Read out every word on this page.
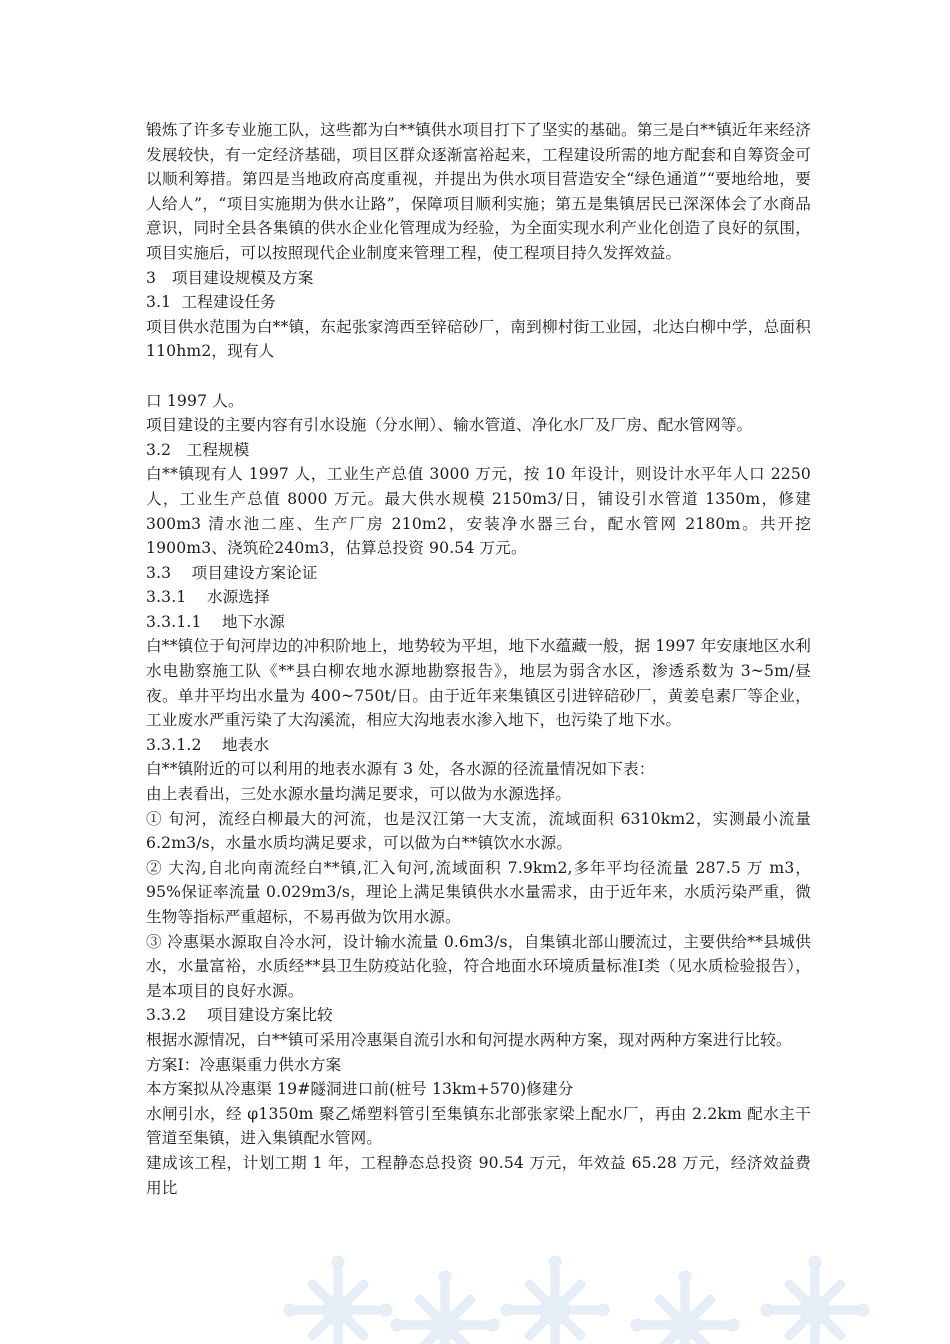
锻炼了许多专业施工队，这些都为白**镇供水项目打下了坚实的基础。第三是白**镇近年来经济发展较快，有一定经济基础，项目区群众逐渐富裕起来，工程建设所需的地方配套和自筹资金可以顺利筹措。第四是当地政府高度重视，并提出为供水项目营造安全“绿色通道”“要地给地，要人给人”，“项目实施期为供水让路”，保障项目顺利实施；第五是集镇居民已深深体会了水商品意识，同时全县各集镇的供水企业化管理成为经验，为全面实现水利产业化创造了良好的氛围，项目实施后，可以按照现代企业制度来管理工程，使工程项目持久发挥效益。

3　项目建设规模及方案

3.1  工程建设任务

项目供水范围为白**镇，东起张家湾西至锌碚砂厂，南到柳村街工业园，北达白柳中学，总面积 110hm2，现有人

口 1997 人。

项目建设的主要内容有引水设施（分水闸）、输水管道、净化水厂及厂房、配水管网等。

3.2   工程规模

白**镇现有人 1997 人，工业生产总值 3000 万元，按 10 年设计，则设计水平年人口 2250 人，工业生产总值 8000 万元。最大供水规模 2150m3/日，铺设引水管道 1350m，修建 300m3 清水池二座、生产厂房 210m2，安装净水器三台，配水管网 2180m。共开挖 1900m3、浇筑砼240m3，估算总投资 90.54 万元。

3.3    项目建设方案论证

3.3.1    水源选择

3.3.1.1    地下水源

白**镇位于旬河岸边的冲积阶地上，地势较为平坦，地下水蕴藏一般，据 1997 年安康地区水利水电勘察施工队《**县白柳农地水源地勘察报告》，地层为弱含水区，渗透系数为 3~5m/昼夜。单井平均出水量为 400~750t/日。由于近年来集镇区引进锌碚砂厂，黄姜皂素厂等企业，工业废水严重污染了大沟溪流，相应大沟地表水渗入地下，也污染了地下水。

3.3.1.2    地表水

白**镇附近的可以利用的地表水源有 3 处，各水源的径流量情况如下表：

由上表看出，三处水源水量均满足要求，可以做为水源选择。

① 旬河，流经白柳最大的河流，也是汉江第一大支流，流域面积 6310km2，实测最小流量6.2m3/s，水量水质均满足要求，可以做为白**镇饮水水源。

② 大沟,自北向南流经白**镇,汇入旬河,流域面积 7.9km2,多年平均径流量 287.5 万 m3，95%保证率流量 0.029m3/s，理论上满足集镇供水水量需求，由于近年来，水质污染严重，微生物等指标严重超标，不易再做为饮用水源。

③ 冷惠渠水源取自冷水河，设计输水流量 0.6m3/s，自集镇北部山腰流过，主要供给**县城供水，水量富裕，水质经**县卫生防疫站化验，符合地面水环境质量标准Ⅰ类（见水质检验报告），是本项目的良好水源。

3.3.2    项目建设方案比较

根据水源情况，白**镇可采用冷惠渠自流引水和旬河提水两种方案，现对两种方案进行比较。

方案Ⅰ：冷惠渠重力供水方案

本方案拟从冷惠渠 19#隧洞进口前(桩号 13km+570)修建分

水闸引水，经 φ1350m 聚乙烯塑料管引至集镇东北部张家梁上配水厂，再由 2.2km 配水主干管道至集镇，进入集镇配水管网。

建成该工程，计划工期 1 年，工程静态总投资 90.54 万元，年效益 65.28 万元，经济效益费用比
